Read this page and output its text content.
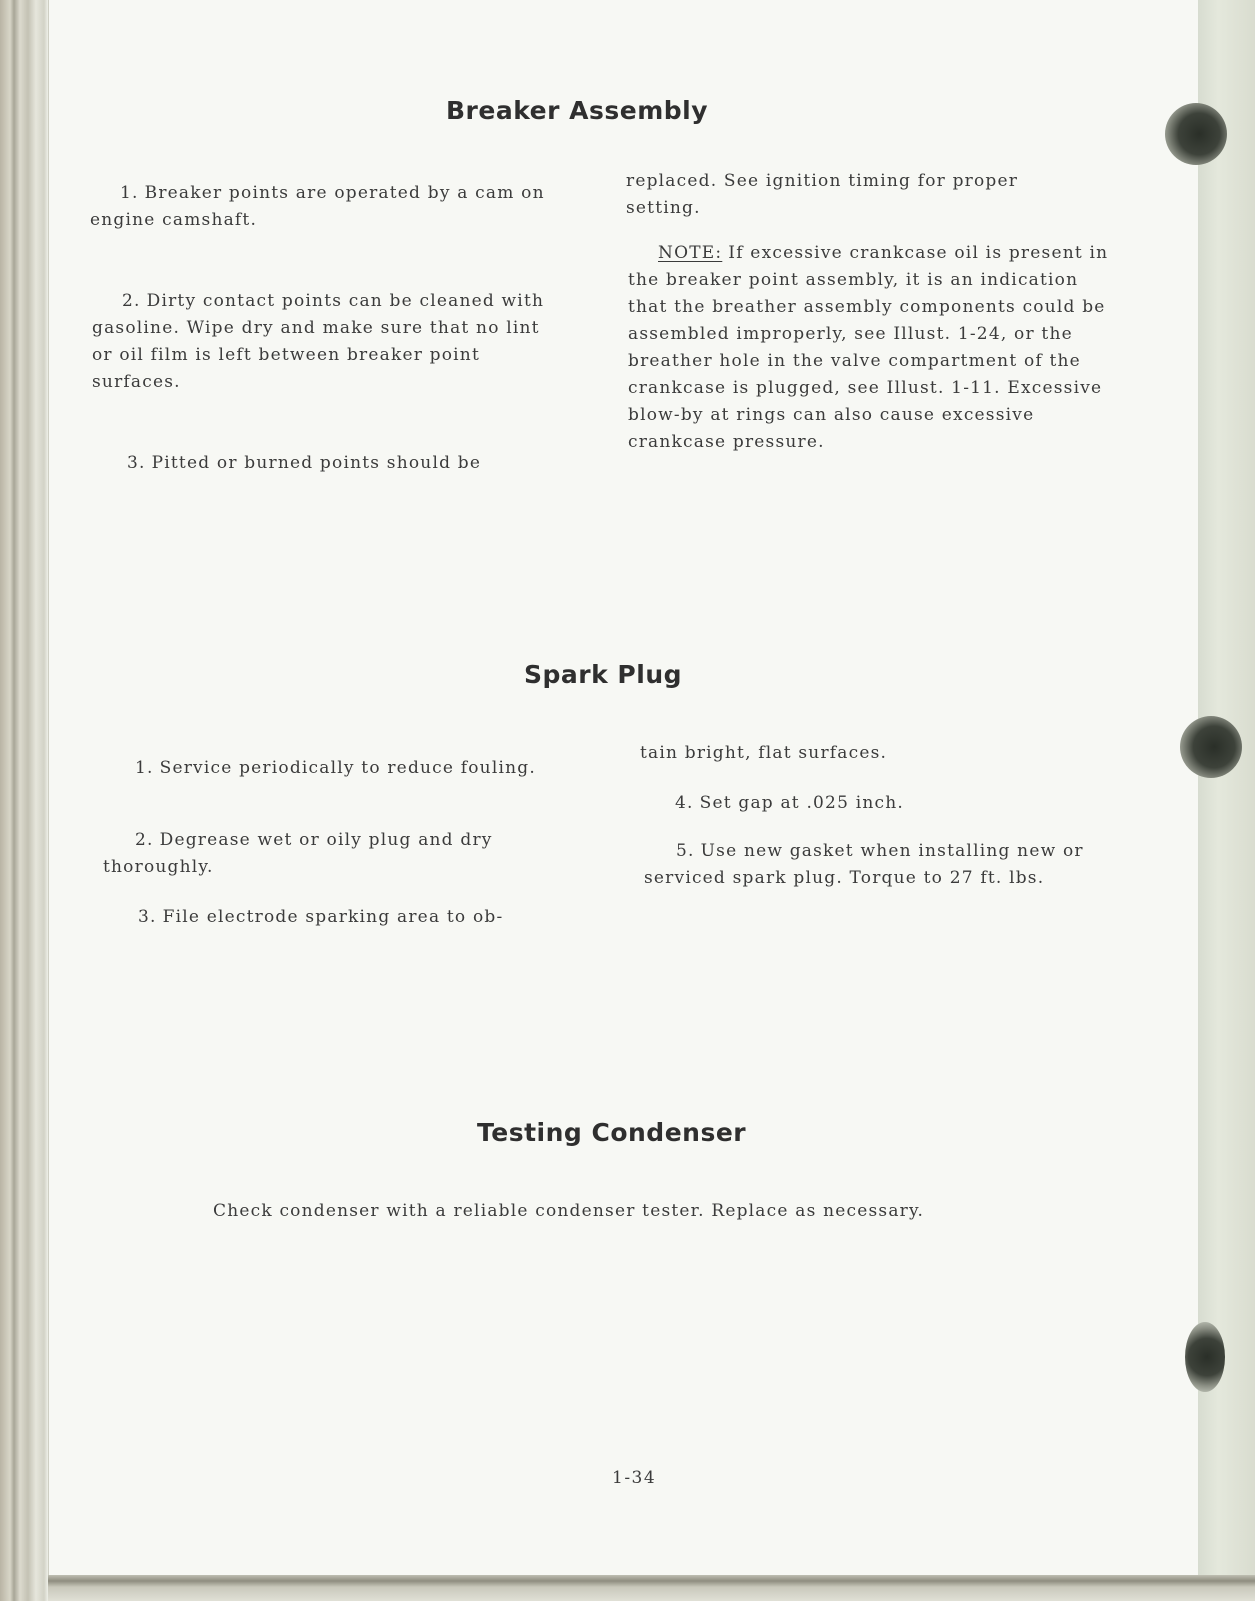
Breaker Assembly

1. Breaker points are operated by a cam on engine camshaft.

2. Dirty contact points can be cleaned with gasoline. Wipe dry and make sure that no lint or oil film is left between breaker point surfaces.

3. Pitted or burned points should be

replaced. See ignition timing for proper setting.

NOTE: If excessive crankcase oil is present in the breaker point assembly, it is an indication that the breather assembly components could be assembled improperly, see Illust. 1-24, or the breather hole in the valve compartment of the crankcase is plugged, see Illust. 1-11. Excessive blow-by at rings can also cause excessive crankcase pressure.

Spark Plug

1. Service periodically to reduce fouling.

2. Degrease wet or oily plug and dry thoroughly.

3. File electrode sparking area to ob-

tain bright, flat surfaces.

4. Set gap at .025 inch.

5. Use new gasket when installing new or serviced spark plug. Torque to 27 ft. lbs.

Testing Condenser

Check condenser with a reliable condenser tester. Replace as necessary.

1-34
